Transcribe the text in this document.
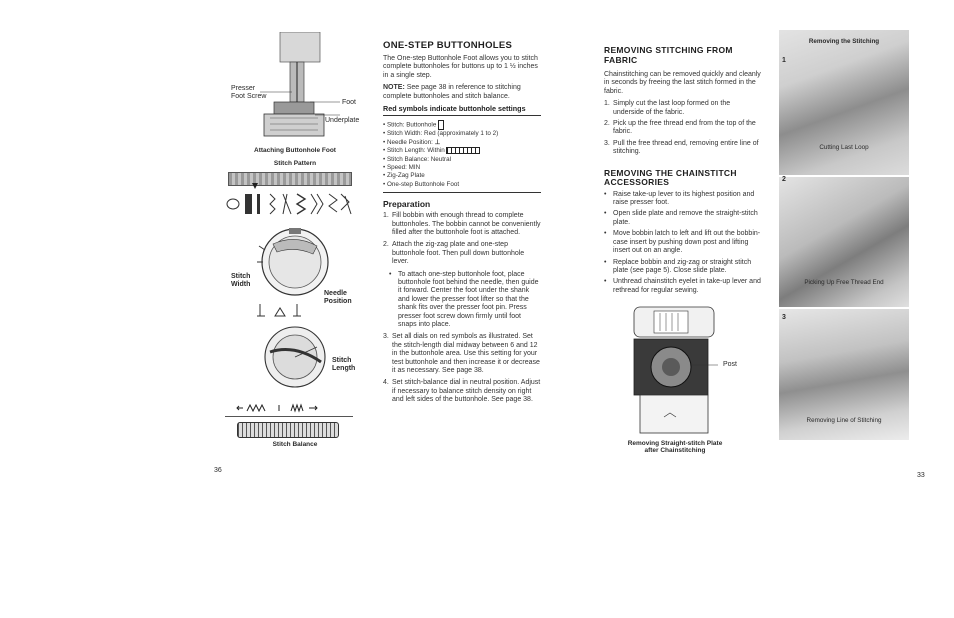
Presser Foot Screw
Foot
Underplate
Attaching Buttonhole Foot
Stitch Pattern
Stitch Width
Needle Position
Stitch Length
Stitch Balance
36
ONE-STEP BUTTONHOLES

The One-step Buttonhole Foot allows you to stitch complete buttonholes for buttons up to 1 ½ inches in a single step.

NOTE: See page 38 in reference to stitching complete buttonholes and stitch balance.

Red symbols indicate buttonhole settings
• Stitch: Buttonhole
• Stitch Width: Red (approximately 1 to 2)
• Needle Position: ⊥
• Stitch Length: Within
• Stitch Balance: Neutral
• Speed: MIN
• Zig-Zag Plate
• One-step Buttonhole Foot
Preparation
1. Fill bobbin with enough thread to complete buttonholes. The bobbin cannot be conveniently filled after the buttonhole foot is attached.
2. Attach the zig-zag plate and one-step buttonhole foot. Then pull down buttonhole lever.
• To attach one-step buttonhole foot, place buttonhole foot behind the needle, then guide it forward. Center the foot under the shank and lower the presser foot lifter so that the shank fits over the presser foot pin. Press presser foot screw down firmly until foot snaps into place.
3. Set all dials on red symbols as illustrated. Set the stitch-length dial midway between 6 and 12 in the buttonhole area. Use this setting for your test buttonhole and then increase it or decrease it as necessary. See page 38.
4. Set stitch-balance dial in neutral position. Adjust if necessary to balance stitch density on right and left sides of the buttonhole. See page 38.
REMOVING STITCHING FROM FABRIC

Chainstitching can be removed quickly and cleanly in seconds by freeing the last stitch formed in the fabric.

1. Simply cut the last loop formed on the underside of the fabric.
2. Pick up the free thread end from the top of the fabric.
3. Pull the free thread end, removing entire line of stitching.
REMOVING THE CHAINSTITCH ACCESSORIES
• Raise take-up lever to its highest position and raise presser foot.
• Open slide plate and remove the straight-stitch plate.
• Move bobbin latch to left and lift out the bobbin-case insert by pushing down post and lifting insert out on an angle.
• Replace bobbin and zig-zag or straight stitch plate (see page 5). Close slide plate.
• Unthread chainstitch eyelet in take-up lever and rethread for regular sewing.
Post
Removing Straight-stitch Plate after Chainstitching
Removing the Stitching
1
Cutting Last Loop
2
Picking Up Free Thread End
3
Removing Line of Stitching
33
